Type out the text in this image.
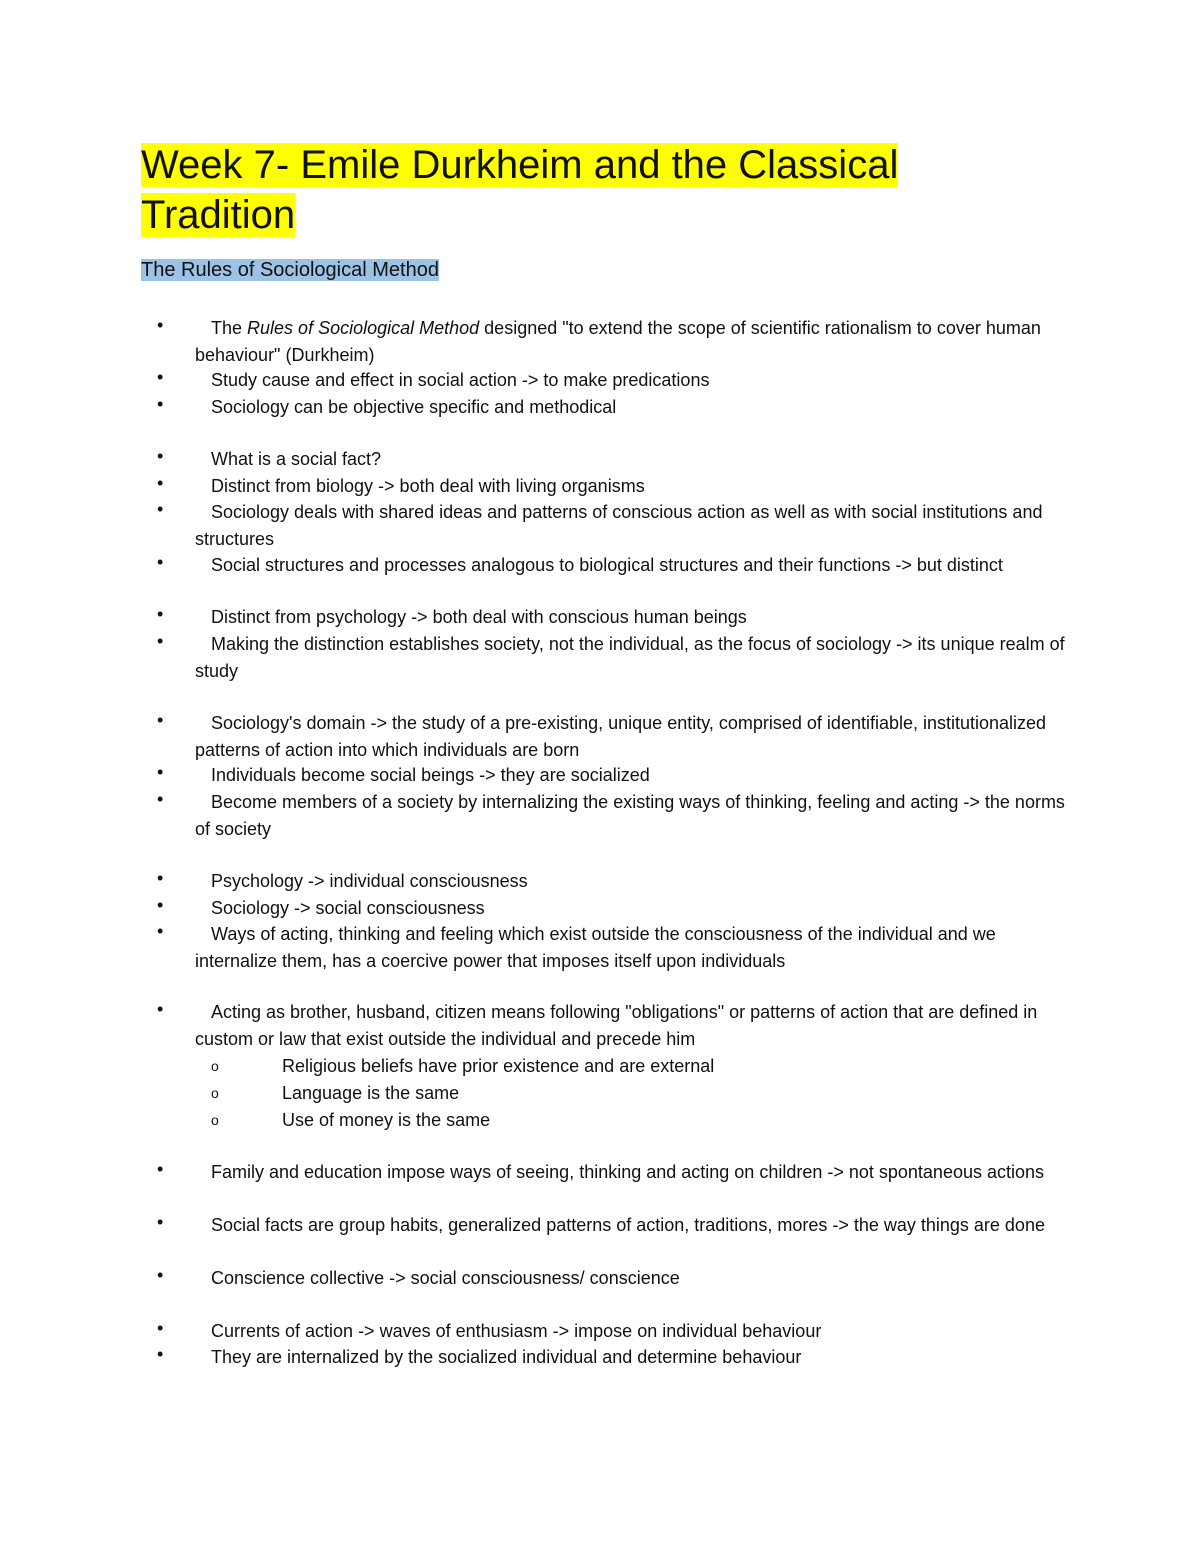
Week 7- Emile Durkheim and the Classical Tradition
The Rules of Sociological Method
•	The Rules of Sociological Method designed "to extend the scope of scientific rationalism to cover human behaviour" (Durkheim)
•	Study cause and effect in social action -> to make predications
•	Sociology can be objective specific and methodical
•	What is a social fact?
•	Distinct from biology -> both deal with living organisms
•	Sociology deals with shared ideas and patterns of conscious action as well as with social institutions and structures
•	Social structures and processes analogous to biological structures and their functions -> but distinct
•	Distinct from psychology -> both deal with conscious human beings
•	Making the distinction establishes society, not the individual, as the focus of sociology -> its unique realm of study
•	Sociology's domain -> the study of a pre-existing, unique entity, comprised of identifiable, institutionalized patterns of action into which individuals are born
•	Individuals become social beings -> they are socialized
•	Become members of a society by internalizing the existing ways of thinking, feeling and acting -> the norms of society
•	Psychology -> individual consciousness
•	Sociology -> social consciousness
•	Ways of acting, thinking and feeling which exist outside the consciousness of the individual and we internalize them, has a coercive power that imposes itself upon individuals
•	Acting as brother, husband, citizen means following "obligations" or patterns of action that are defined in custom or law that exist outside the individual and precede him
o	Religious beliefs have prior existence and are external
o	Language is the same
o	Use of money is the same
•	Family and education impose ways of seeing, thinking and acting on children -> not spontaneous actions
•	Social facts are group habits, generalized patterns of action, traditions, mores -> the way things are done
•	Conscience collective -> social consciousness/ conscience
•	Currents of action -> waves of enthusiasm -> impose on individual behaviour
•	They are internalized by the socialized individual and determine behaviour
